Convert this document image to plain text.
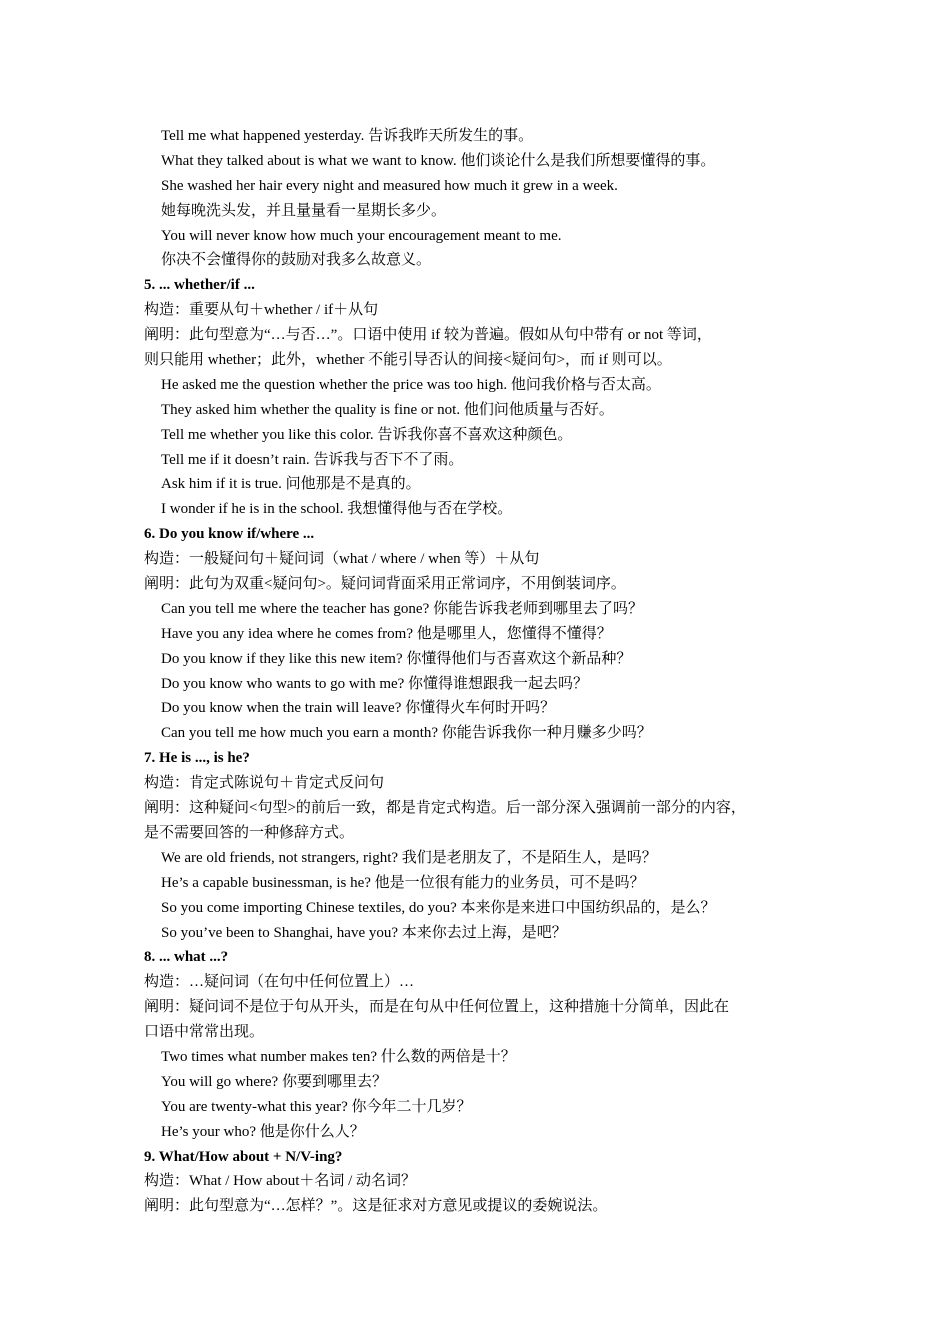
Tell me what happened yesterday. 告诉我昨天所发生的事。
What they talked about is what we want to know. 他们谈论什么是我们所想要懂得的事。
She washed her hair every night and measured how much it grew in a week.
她每晚洗头发，并且量量看一星期长多少。
You will never know how much your encouragement meant to me.
你决不会懂得你的鼓励对我多么故意义。
5. ... whether/if ...
构造：重要从句＋whether / if＋从句
阐明：此句型意为“…与否…”。口语中使用 if 较为普遍。假如从句中带有 or not 等词，
则只能用 whether；此外，whether 不能引导否认的间接<疑问句>，而 if 则可以。
He asked me the question whether the price was too high. 他问我价格与否太高。
They asked him whether the quality is fine or not. 他们问他质量与否好。
Tell me whether you like this color. 告诉我你喜不喜欢这种颜色。
Tell me if it doesn’t rain. 告诉我与否下不了雨。
Ask him if it is true. 问他那是不是真的。
I wonder if he is in the school. 我想懂得他与否在学校。
6. Do you know if/where ...
构造：一般疑问句＋疑问词（what / where / when 等）＋从句
阐明：此句为双重<疑问句>。疑问词背面采用正常词序，不用倒装词序。
Can you tell me where the teacher has gone? 你能告诉我老师到哪里去了吗？
Have you any idea where he comes from? 他是哪里人，您懂得不懂得？
Do you know if they like this new item? 你懂得他们与否喜欢这个新品种？
Do you know who wants to go with me? 你懂得谁想跟我一起去吗？
Do you know when the train will leave? 你懂得火车何时开吗？
Can you tell me how much you earn a month? 你能告诉我你一种月赚多少吗？
7. He is ..., is he?
构造：肯定式陈说句＋肯定式反问句
阐明：这种疑问<句型>的前后一致，都是肯定式构造。后一部分深入强调前一部分的内容，
是不需要回答的一种修辞方式。
We are old friends, not strangers, right? 我们是老朋友了，不是陌生人，是吗？
He’s a capable businessman, is he? 他是一位很有能力的业务员，可不是吗？
So you come importing Chinese textiles, do you? 本来你是来进口中国纺织品的，是么？
So you’ve been to Shanghai, have you? 本来你去过上海，是吧？
8. ... what ...?
构造：…疑问词（在句中任何位置上）…
阐明：疑问词不是位于句从开头，而是在句从中任何位置上，这种措施十分简单，因此在
口语中常常出现。
Two times what number makes ten? 什么数的两倍是十？
You will go where? 你要到哪里去？
You are twenty-what this year? 你今年二十几岁？
He’s your who? 他是你什么人？
9. What/How about + N/V-ing?
构造：What / How about＋名词 / 动名词？
阐明：此句型意为“…怎样？”。这是征求对方意见或提议的委婉说法。
